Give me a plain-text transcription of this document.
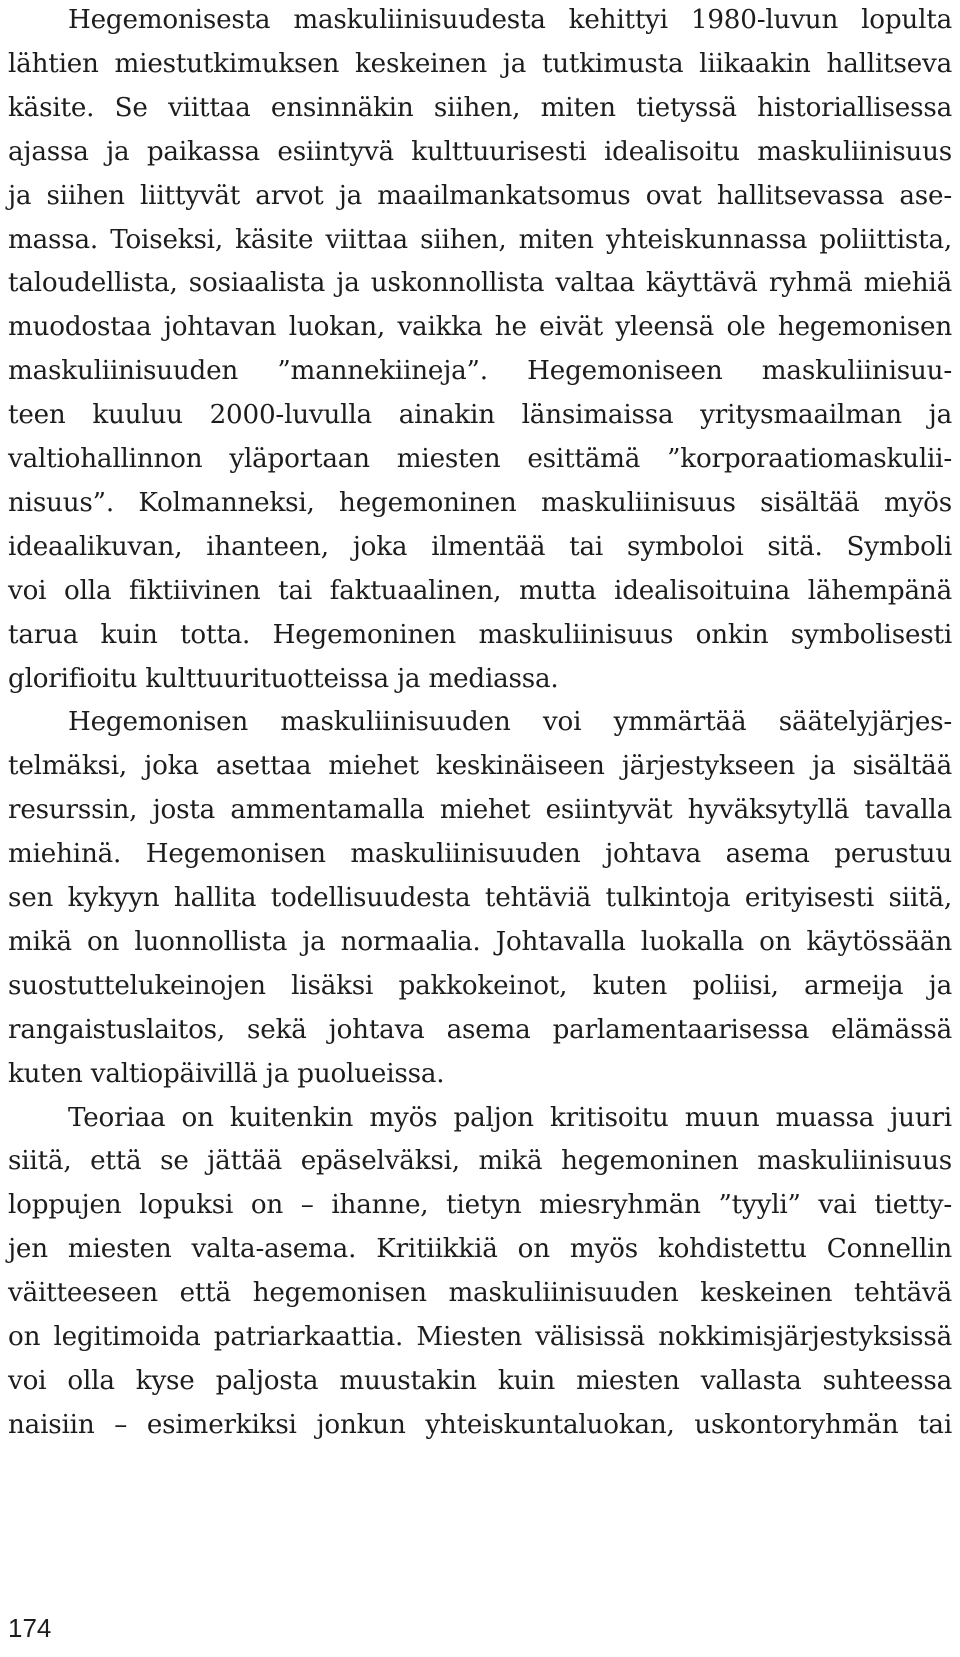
Hegemonisesta maskuliinisuudesta kehittyi 1980-luvun lopulta
lähtien miestutkimuksen keskeinen ja tutkimusta liikaakin hallitseva
käsite. Se viittaa ensinnäkin siihen, miten tietyssä historiallisessa
ajassa ja paikassa esiintyvä kulttuurisesti idealisoitu maskuliinisuus
ja siihen liittyvät arvot ja maailmankatsomus ovat hallitsevassa ase-
massa. Toiseksi, käsite viittaa siihen, miten yhteiskunnassa poliittista,
taloudellista, sosiaalista ja uskonnollista valtaa käyttävä ryhmä miehiä
muodostaa johtavan luokan, vaikka he eivät yleensä ole hegemonisen
maskuliinisuuden ”mannekiineja”. Hegemoniseen maskuliinisuu-
teen kuuluu 2000-luvulla ainakin länsimaissa yritysmaailman ja
valtiohallinnon yläportaan miesten esittämä ”korporaatiomaskulii-
nisuus”. Kolmanneksi, hegemoninen maskuliinisuus sisältää myös
ideaalikuvan, ihanteen, joka ilmentää tai symboloi sitä. Symboli
voi olla fiktiivinen tai faktuaalinen, mutta idealisoituina lähempänä
tarua kuin totta. Hegemoninen maskuliinisuus onkin symbolisesti
glorifioitu kulttuurituotteissa ja mediassa.
Hegemonisen maskuliinisuuden voi ymmärtää säätelyjärjes-
telmäksi, joka asettaa miehet keskinäiseen järjestykseen ja sisältää
resurssin, josta ammentamalla miehet esiintyvät hyväksytyllä tavalla
miehinä. Hegemonisen maskuliinisuuden johtava asema perustuu
sen kykyyn hallita todellisuudesta tehtäviä tulkintoja erityisesti siitä,
mikä on luonnollista ja normaalia. Johtavalla luokalla on käytössään
suostuttelukeinojen lisäksi pakkokeinot, kuten poliisi, armeija ja
rangaistuslaitos, sekä johtava asema parlamentaarisessa elämässä
kuten valtiopäivillä ja puolueissa.
Teoriaa on kuitenkin myös paljon kritisoitu muun muassa juuri
siitä, että se jättää epäselväksi, mikä hegemoninen maskuliinisuus
loppujen lopuksi on – ihanne, tietyn miesryhmän ”tyyli” vai tietty-
jen miesten valta-asema. Kritiikkiä on myös kohdistettu Connellin
väitteeseen että hegemonisen maskuliinisuuden keskeinen tehtävä
on legitimoida patriarkaattia. Miesten välisissä nokkimisjärjestyksissä
voi olla kyse paljosta muustakin kuin miesten vallasta suhteessa
naisiin – esimerkiksi jonkun yhteiskuntaluokan, uskontoryhmän tai
174
